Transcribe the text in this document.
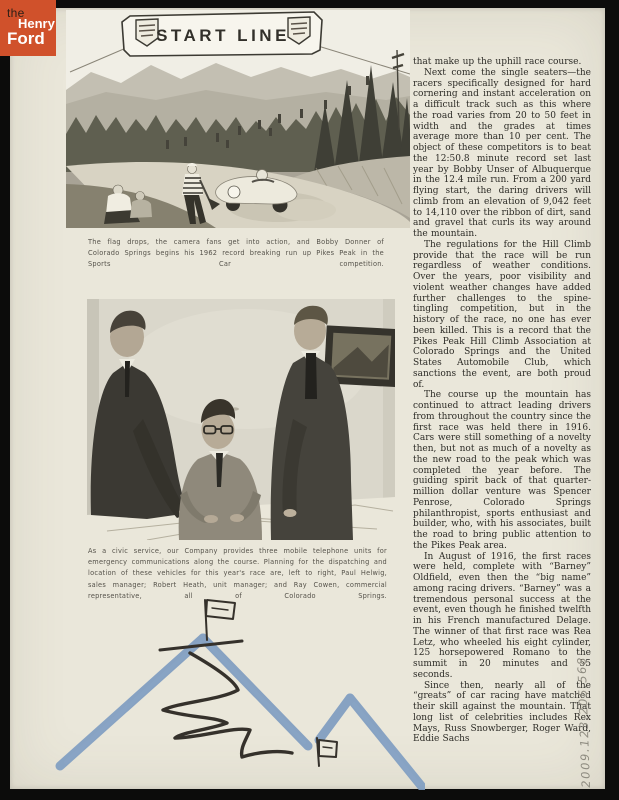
the
Henry
Ford	START LINE
The flag drops, the camera fans get into action, and Bobby Donner of Colorado Springs begins his 1962 record breaking run up Pikes Peak in the Sports Car competition.
As a civic service, our Company provides three mobile telephone units for emergency communications along the course. Planning for the dispatching and location of these vehicles for this year's race are, left to right, Paul Helwig, sales manager; Robert Heath, unit manager; and Ray Cowen, commercial representative, all of Colorado Springs.

that make up the uphill race course.

Next come the single seaters—the racers specifically designed for hard cornering and instant acceleration on a difficult track such as this where the road varies from 20 to 50 feet in width and the grades at times average more than 10 per cent. The object of these competitors is to beat the 12:50.8 minute record set last year by Bobby Unser of Albuquerque in the 12.4 mile run. From a 200 yard flying start, the daring drivers will climb from an elevation of 9,042 feet to 14,110 over the ribbon of dirt, sand and gravel that curls its way around the mountain.

The regulations for the Hill Climb provide that the race will be run regardless of weather conditions. Over the years, poor visibility and violent weather changes have added further challenges to the spine-tingling competition, but in the history of the race, no one has ever been killed. This is a record that the Pikes Peak Hill Climb Association at Colorado Springs and the United States Automobile Club, which sanctions the event, are both proud of.

The course up the mountain has continued to attract leading drivers from throughout the country since the first race was held there in 1916. Cars were still something of a novelty then, but not as much of a novelty as the new road to the peak which was completed the year before. The guiding spirit back of that quarter-million dollar venture was Spencer Penrose, Colorado Springs philanthropist, sports enthusiast and builder, who, with his associates, built the road to bring public attention to the Pikes Peak area.

In August of 1916, the first races were held, complete with “Barney” Oldfield, even then the “big name” among racing drivers. “Barney” was a tremendous personal success at the event, even though he finished twelfth in his French manufactured Delage. The winner of that first race was Rea Letz, who wheeled his eight cylinder, 125 horsepowered Romano to the summit in 20 minutes and 55 seconds.

Since then, nearly all of the “greats” of car racing have matched their skill against the mountain. That long list of celebrities includes Rex Mays, Russ Snowberger, Roger Ward, Eddie Sachs	2009.123.205.568
